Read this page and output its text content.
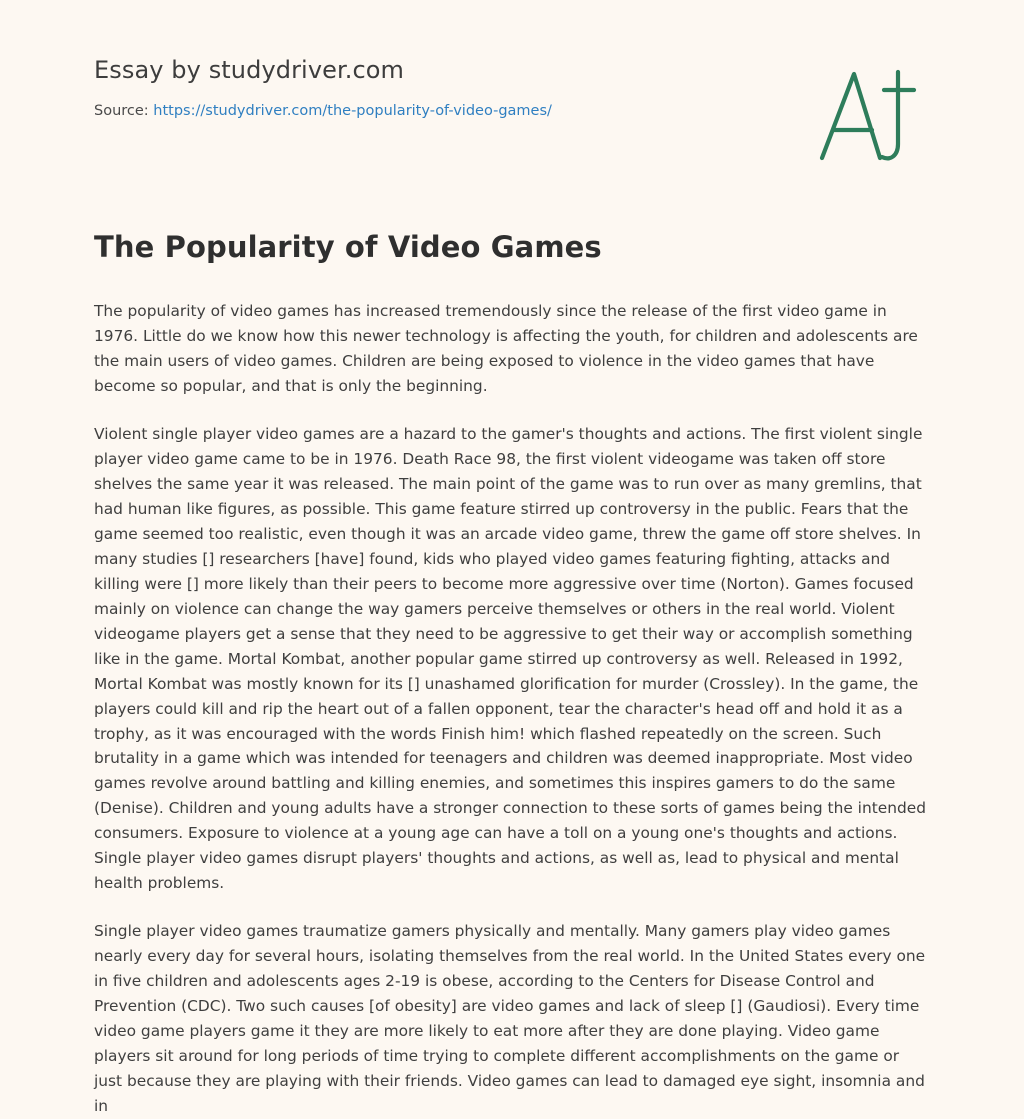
Essay by studydriver.com
Source: https://studydriver.com/the-popularity-of-video-games/
The Popularity of Video Games

The popularity of video games has increased tremendously since the release of the first video game in 1976. Little do we know how this newer technology is affecting the youth, for children and adolescents are the main users of video games. Children are being exposed to violence in the video games that have become so popular, and that is only the beginning.

Violent single player video games are a hazard to the gamer's thoughts and actions. The first violent single player video game came to be in 1976. Death Race 98, the first violent videogame was taken off store shelves the same year it was released. The main point of the game was to run over as many gremlins, that had human like figures, as possible. This game feature stirred up controversy in the public. Fears that the game seemed too realistic, even though it was an arcade video game, threw the game off store shelves. In many studies [] researchers [have] found, kids who played video games featuring fighting, attacks and killing were [] more likely than their peers to become more aggressive over time (Norton). Games focused mainly on violence can change the way gamers perceive themselves or others in the real world. Violent videogame players get a sense that they need to be aggressive to get their way or accomplish something like in the game. Mortal Kombat, another popular game stirred up controversy as well. Released in 1992, Mortal Kombat was mostly known for its [] unashamed glorification for murder (Crossley). In the game, the players could kill and rip the heart out of a fallen opponent, tear the character's head off and hold it as a trophy, as it was encouraged with the words Finish him! which flashed repeatedly on the screen. Such brutality in a game which was intended for teenagers and children was deemed inappropriate. Most video games revolve around battling and killing enemies, and sometimes this inspires gamers to do the same (Denise). Children and young adults have a stronger connection to these sorts of games being the intended consumers. Exposure to violence at a young age can have a toll on a young one's thoughts and actions. Single player video games disrupt players' thoughts and actions, as well as, lead to physical and mental health problems.

Single player video games traumatize gamers physically and mentally. Many gamers play video games nearly every day for several hours, isolating themselves from the real world. In the United States every one in five children and adolescents ages 2-19 is obese, according to the Centers for Disease Control and Prevention (CDC). Two such causes [of obesity] are video games and lack of sleep [] (Gaudiosi). Every time video game players game it they are more likely to eat more after they are done playing. Video game players sit around for long periods of time trying to complete different accomplishments on the game or just because they are playing with their friends. Video games can lead to damaged eye sight, insomnia and in
